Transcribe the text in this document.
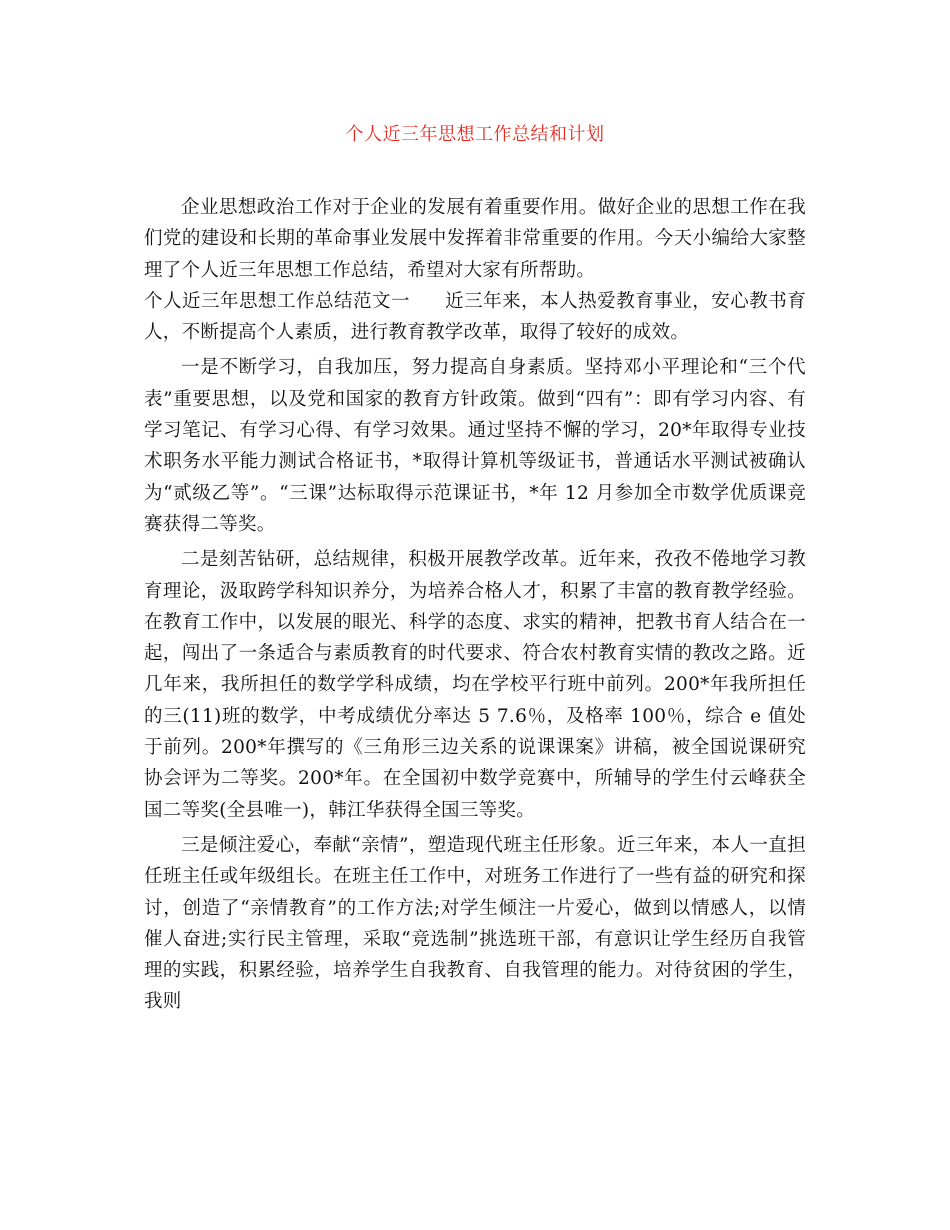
个人近三年思想工作总结和计划

企业思想政治工作对于企业的发展有着重要作用。做好企业的思想工作在我们党的建设和长期的革命事业发展中发挥着非常重要的作用。今天小编给大家整理了个人近三年思想工作总结，希望对大家有所帮助。

个人近三年思想工作总结范文一 近三年来，本人热爱教育事业，安心教书育人，不断提高个人素质，进行教育教学改革，取得了较好的成效。

一是不断学习，自我加压，努力提高自身素质。坚持邓小平理论和“三个代表”重要思想，以及党和国家的教育方针政策。做到“四有”：即有学习内容、有学习笔记、有学习心得、有学习效果。通过坚持不懈的学习，20*年取得专业技术职务水平能力测试合格证书，*取得计算机等级证书，普通话水平测试被确认为“贰级乙等”。“三课”达标取得示范课证书，*年 12 月参加全市数学优质课竞赛获得二等奖。

二是刻苦钻研，总结规律，积极开展教学改革。近年来，孜孜不倦地学习教育理论，汲取跨学科知识养分，为培养合格人才，积累了丰富的教育教学经验。在教育工作中，以发展的眼光、科学的态度、求实的精神，把教书育人结合在一起，闯出了一条适合与素质教育的时代要求、符合农村教育实情的教改之路。近几年来，我所担任的数学学科成绩，均在学校平行班中前列。200*年我所担任的三(11)班的数学，中考成绩优分率达 5 7.6％，及格率 100％，综合 e 值处于前列。200*年撰写的《三角形三边关系的说课课案》讲稿，被全国说课研究协会评为二等奖。200*年。在全国初中数学竞赛中，所辅导的学生付云峰获全国二等奖(全县唯一)，韩江华获得全国三等奖。

三是倾注爱心，奉献“亲情”，塑造现代班主任形象。近三年来，本人一直担任班主任或年级组长。在班主任工作中，对班务工作进行了一些有益的研究和探讨，创造了“亲情教育”的工作方法;对学生倾注一片爱心，做到以情感人，以情催人奋进;实行民主管理，采取“竞选制”挑选班干部，有意识让学生经历自我管理的实践，积累经验，培养学生自我教育、自我管理的能力。对待贫困的学生，我则
